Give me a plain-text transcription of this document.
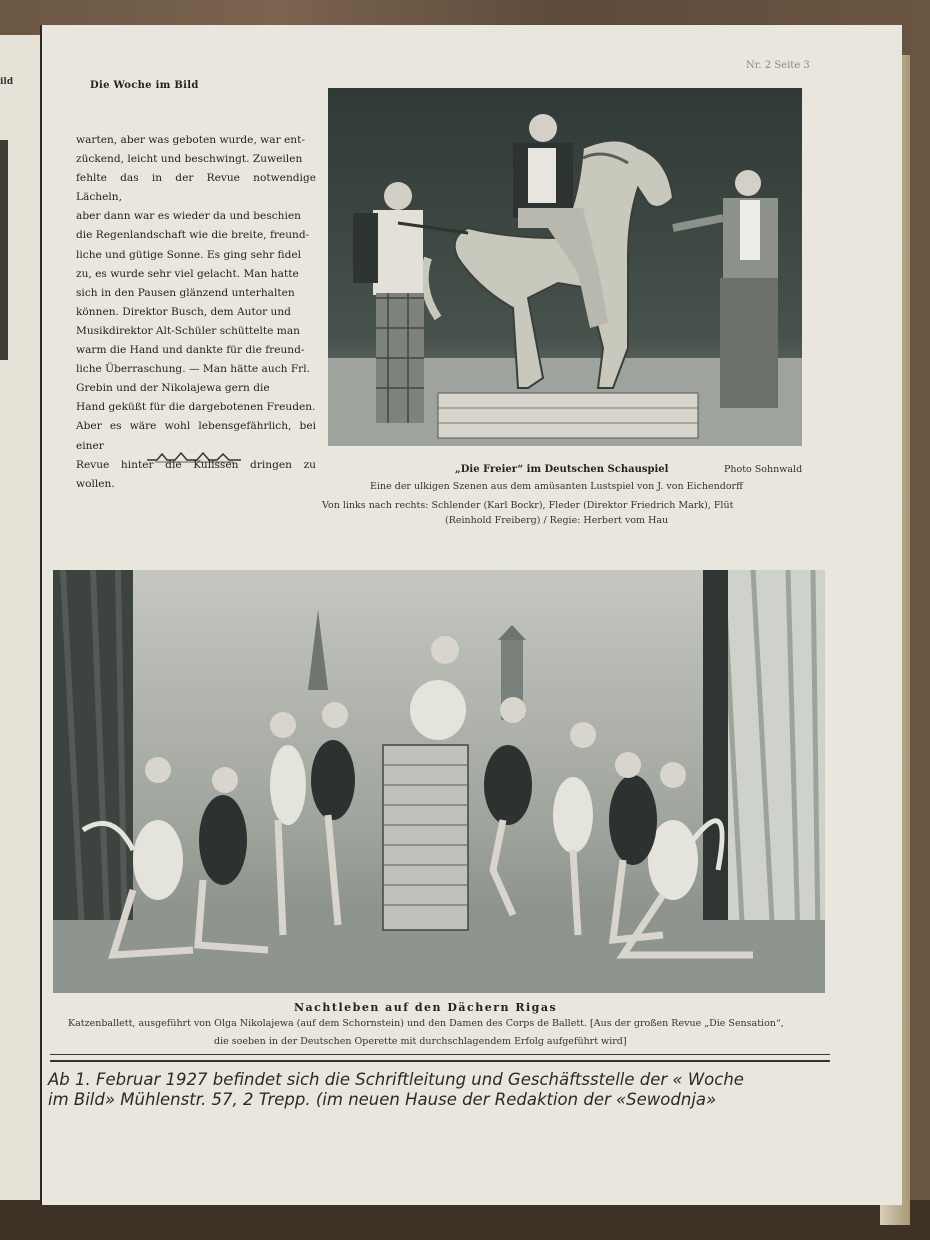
ild	Die Woche im Bild
Nr. 2 Seite 3

warten, aber was geboten wurde, war ent-

zückend, leicht und beschwingt. Zuweilen

fehlte das in der Revue notwendige Lächeln,

aber dann war es wieder da und beschien

die Regenlandschaft wie die breite, freund-

liche und gütige Sonne. Es ging sehr fidel

zu, es wurde sehr viel gelacht. Man hatte

sich in den Pausen glänzend unterhalten

können. Direktor Busch, dem Autor und

Musikdirektor Alt-Schüler schüttelte man

warm die Hand und dankte für die freund-

liche Überraschung. — Man hätte auch Frl.

Grebin und der Nikolajewa gern die

Hand geküßt für die dargebotenen Freuden.

Aber es wäre wohl lebensgefährlich, bei einer

Revue hinter die Kulissen dringen zu wollen.

„Die Freier“ im Deutschen Schauspiel	Photo Sohnwald
Eine der ulkigen Szenen aus dem amüsanten Lustspiel von J. von Eichendorff
Von links nach rechts: Schlender (Karl Bockr), Fleder (Direktor Friedrich Mark), Flüt
(Reinhold Freiberg) / Regie: Herbert vom Hau
Nachtleben auf den Dächern Rigas
Katzenballett, ausgeführt von Olga Nikolajewa (auf dem Schornstein) und den Damen des Corps de Ballett. [Aus der großen Revue „Die Sensation“,
die soeben in der Deutschen Operette mit durchschlagendem Erfolg aufgeführt wird]

Ab 1. Februar 1927 befindet sich die Schriftleitung und Geschäftsstelle der « Woche

im Bild» Mühlenstr. 57, 2 Trepp. (im neuen Hause der Redaktion der «Sewodnja»
